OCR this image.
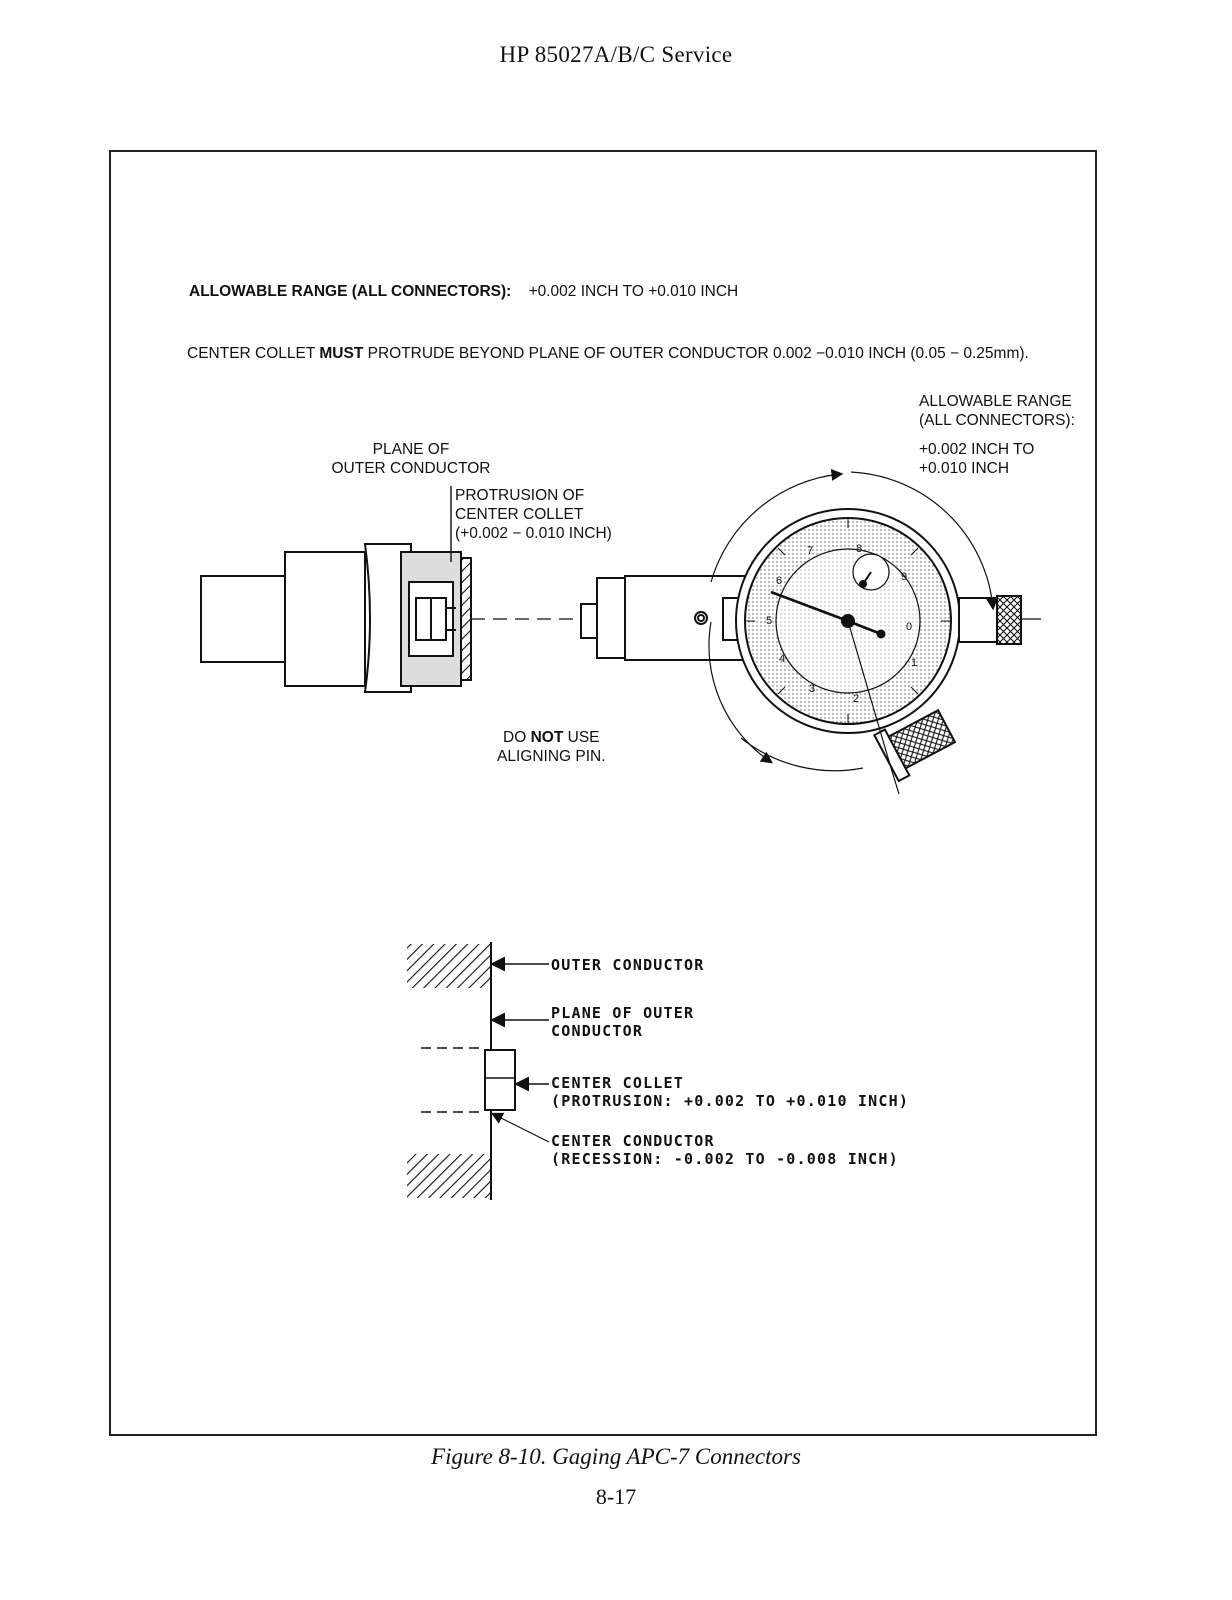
HP 85027A/B/C Service
ALLOWABLE RANGE (ALL CONNECTORS): +0.002 INCH TO +0.010 INCH
CENTER COLLET MUST PROTRUDE BEYOND PLANE OF OUTER CONDUCTOR 0.002 −0.010 INCH (0.05 − 0.25mm).
ALLOWABLE RANGE
(ALL CONNECTORS):
+0.002 INCH TO
+0.010 INCH
PLANE OF
OUTER CONDUCTOR
PROTRUSION OF
CENTER COLLET
(+0.002 − 0.010 INCH)
DO NOT USE
ALIGNING PIN.
0
1
2
3
4
5
6
7	8
9
OUTER CONDUCTOR
PLANE OF OUTER
CONDUCTOR
CENTER COLLET
(PROTRUSION: +0.002 TO +0.010 INCH)
CENTER CONDUCTOR
(RECESSION: -0.002 TO -0.008 INCH)
Figure 8-10. Gaging APC-7 Connectors
8-17
